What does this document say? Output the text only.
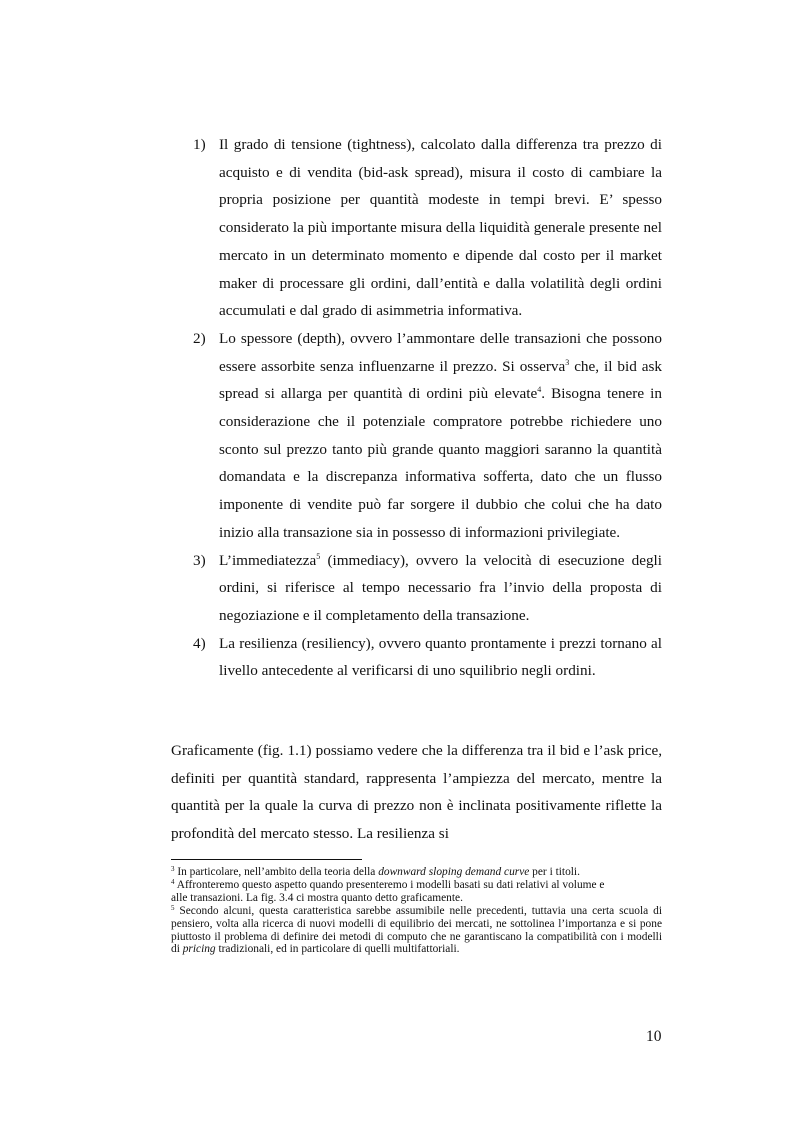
1) Il grado di tensione (tightness), calcolato dalla differenza tra prezzo di acquisto e di vendita (bid-ask spread), misura il costo di cambiare la propria posizione per quantità modeste in tempi brevi. E’ spesso considerato la più importante misura della liquidità generale presente nel mercato in un determinato momento e dipende dal costo per il market maker di processare gli ordini, dall’entità e dalla volatilità degli ordini accumulati e dal grado di asimmetria informativa.
2) Lo spessore (depth), ovvero l’ammontare delle transazioni che possono essere assorbite senza influenzarne il prezzo. Si osserva$^3$ che, il bid ask spread si allarga per quantità di ordini più elevate$^4$. Bisogna tenere in considerazione che il potenziale compratore potrebbe richiedere uno sconto sul prezzo tanto più grande quanto maggiori saranno la quantità domandata e la discrepanza informativa sofferta, dato che un flusso imponente di vendite può far sorgere il dubbio che colui che ha dato inizio alla transazione sia in possesso di informazioni privilegiate.
3) L’immediatezza$^5$ (immediacy), ovvero la velocità di esecuzione degli ordini, si riferisce al tempo necessario fra l’invio della proposta di negoziazione e il completamento della transazione.
4) La resilienza (resiliency), ovvero quanto prontamente i prezzi tornano al livello antecedente al verificarsi di uno squilibrio negli ordini.

Graficamente (fig. 1.1) possiamo vedere che la differenza tra il bid e l’ask price, definiti per quantità standard, rappresenta l’ampiezza del mercato, mentre la quantità per la quale la curva di prezzo non è inclinata positivamente riflette la profondità del mercato stesso. La resilienza si

$^3$ In particolare, nell’ambito della teoria della downward sloping demand curve per i titoli.

$^4$ Affronteremo questo aspetto quando presenteremo i modelli basati su dati relativi al volume e alle transazioni. La fig. 3.4 ci mostra quanto detto graficamente.

$^5$ Secondo alcuni, questa caratteristica sarebbe assumibile nelle precedenti, tuttavia una certa scuola di pensiero, volta alla ricerca di nuovi modelli di equilibrio dei mercati, ne sottolinea l’importanza e si pone piuttosto il problema di definire dei metodi di computo che ne garantiscano la compatibilità con i modelli di pricing tradizionali, ed in particolare di quelli multifattoriali.

10
